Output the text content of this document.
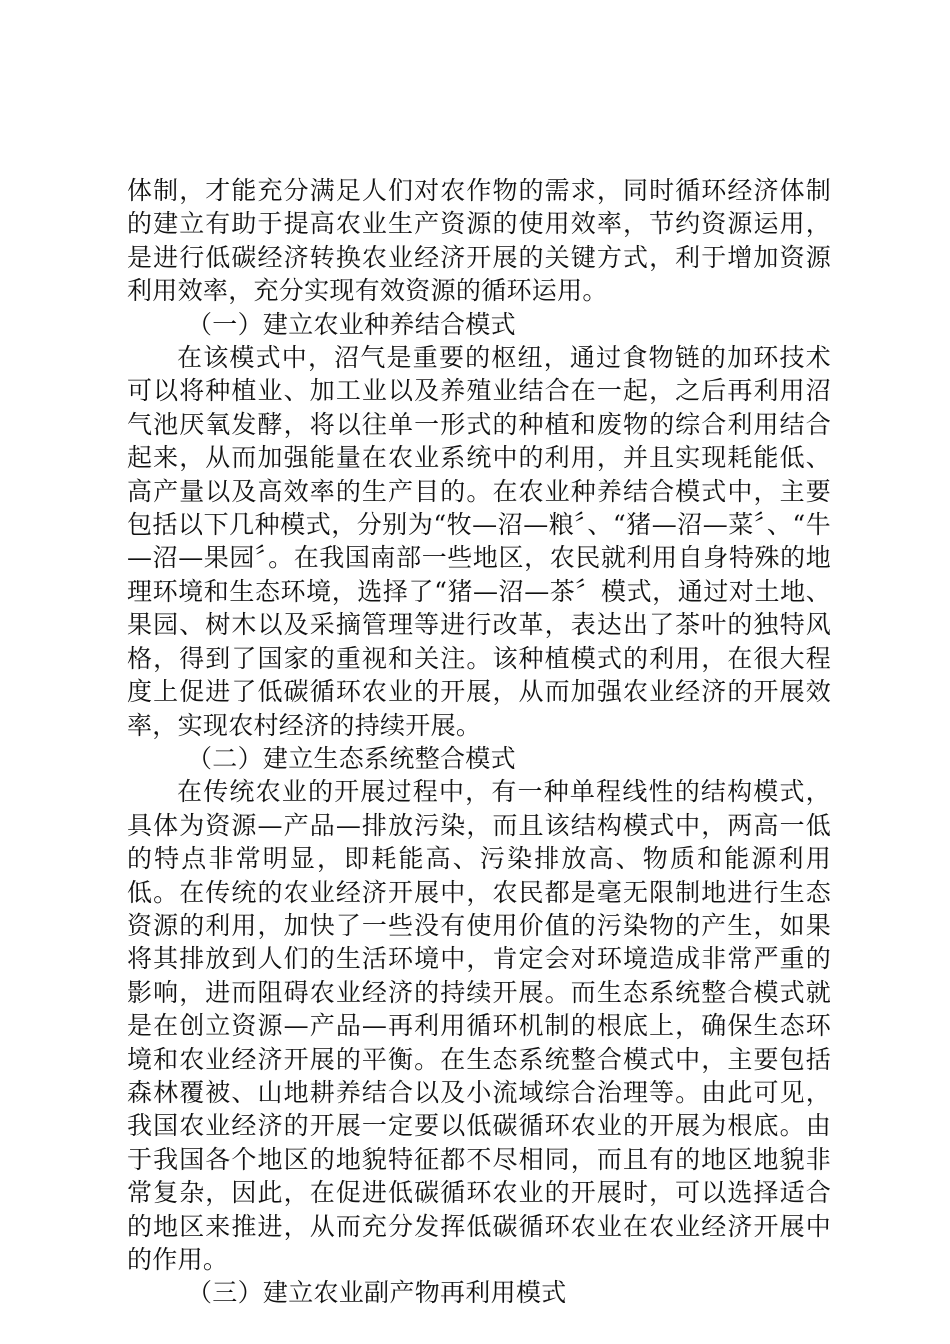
体制，才能充分满足人们对农作物的需求，同时循环经济体制的建立有助于提高农业生产资源的使用效率，节约资源运用，是进行低碳经济转换农业经济开展的关键方式，利于增加资源利用效率，充分实现有效资源的循环运用。

（一）建立农业种养结合模式

在该模式中，沼气是重要的枢纽，通过食物链的加环技术可以将种植业、加工业以及养殖业结合在一起，之后再利用沼气池厌氧发酵，将以往单一形式的种植和废物的综合利用结合起来，从而加强能量在农业系统中的利用，并且实现耗能低、高产量以及高效率的生产目的。在农业种养结合模式中，主要包括以下几种模式，分别为“牧—沼—粮〞、“猪—沼—菜〞、“牛—沼—果园〞。在我国南部一些地区，农民就利用自身特殊的地理环境和生态环境，选择了“猪—沼—茶〞模式，通过对土地、果园、树木以及采摘管理等进行改革，表达出了茶叶的独特风格，得到了国家的重视和关注。该种植模式的利用，在很大程度上促进了低碳循环农业的开展，从而加强农业经济的开展效率，实现农村经济的持续开展。

（二）建立生态系统整合模式

在传统农业的开展过程中，有一种单程线性的结构模式，具体为资源—产品—排放污染，而且该结构模式中，两高一低的特点非常明显，即耗能高、污染排放高、物质和能源利用低。在传统的农业经济开展中，农民都是毫无限制地进行生态资源的利用，加快了一些没有使用价值的污染物的产生，如果将其排放到人们的生活环境中，肯定会对环境造成非常严重的影响，进而阻碍农业经济的持续开展。而生态系统整合模式就是在创立资源—产品—再利用循环机制的根底上，确保生态环境和农业经济开展的平衡。在生态系统整合模式中，主要包括森林覆被、山地耕养结合以及小流域综合治理等。由此可见，我国农业经济的开展一定要以低碳循环农业的开展为根底。由于我国各个地区的地貌特征都不尽相同，而且有的地区地貌非常复杂，因此，在促进低碳循环农业的开展时，可以选择适合的地区来推进，从而充分发挥低碳循环农业在农业经济开展中的作用。

（三）建立农业副产物再利用模式
